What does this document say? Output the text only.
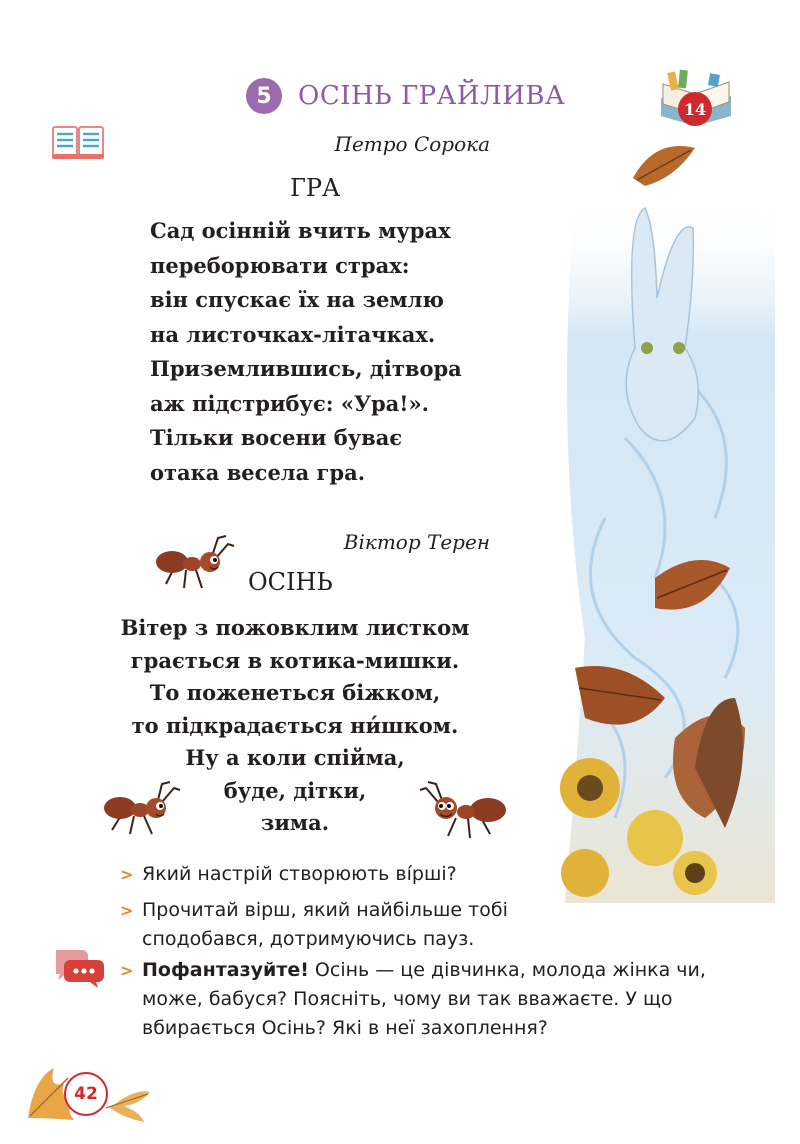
5	ОСІНЬ ГРАЙЛИВА	14
Петро Сорока
ГРА
Сад осінній вчить мурах
переборювати страх:
він спускає їх на землю
на листочках-літачках.
Приземлившись, дітвора
аж підстрибує: «Ура!».
Тільки восени буває
отака весела гра.
Віктор Терен
ОСІНЬ
Вітер з пожовклим листком
грається в котика-мишки.
То поженеться біжком,
то підкрадається ни́шком.
Ну а коли спійма,
буде, дітки,
зима.
> Який настрій створюють ві́рші?
> Прочитай вірш, який найбільше тобі сподобався, дотримуючись пауз.
> Пофантазуйте! Осінь — це дівчинка, молода жінка чи, може, бабуся? Поясніть, чому ви так вважаєте. У що вбирається Осінь? Які в неї захоплення?
42
